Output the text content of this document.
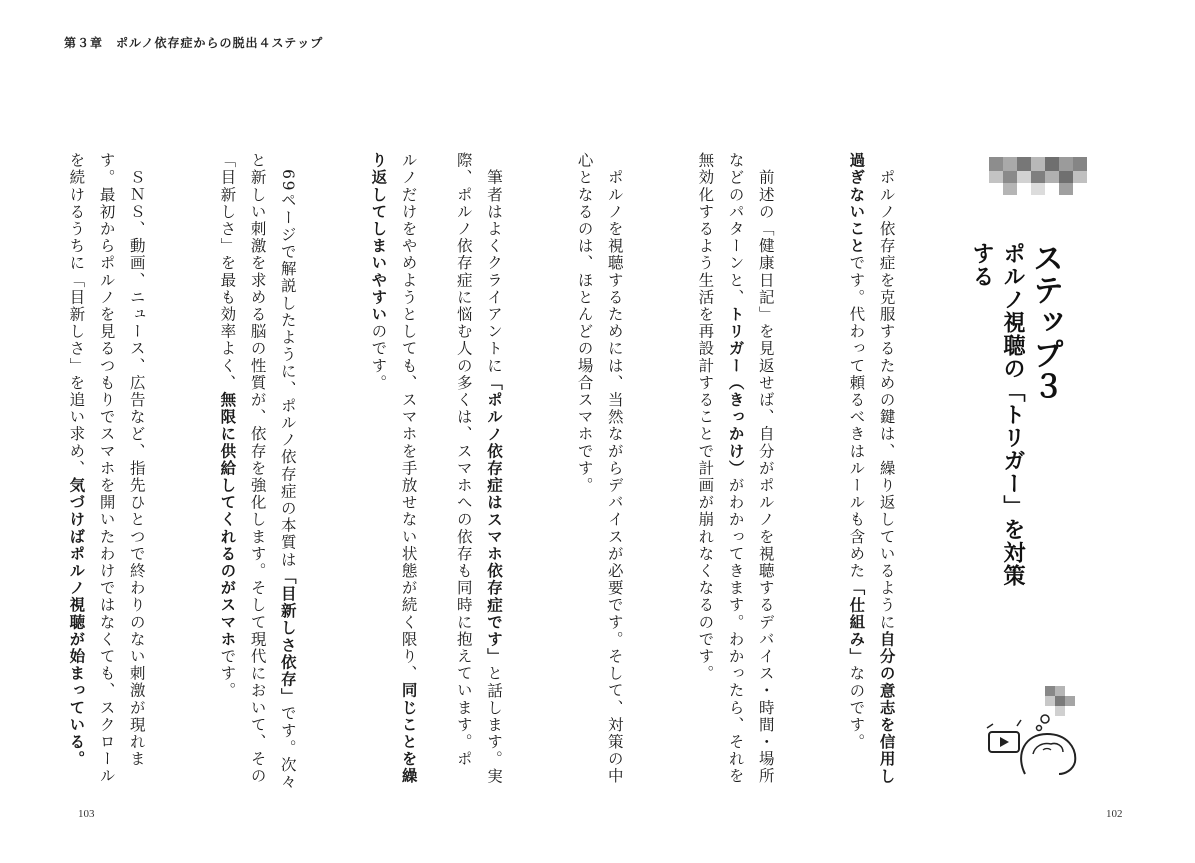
第３章　ポルノ依存症からの脱出４ステップ
ステップ３
ポルノ視聴の「トリガー」を対策する

　ポルノ依存症を克服するための鍵は、繰り返しているように自分の意志を信用し過ぎないことです。代わって頼るべきはルールも含めた「仕組み」なのです。

　前述の「健康日記」を見返せば、自分がポルノを視聴するデバイス・時間・場所などのパターンと、トリガー（きっかけ）がわかってきます。わかったら、それを無効化するよう生活を再設計することで計画が崩れなくなるのです。

　ポルノを視聴するためには、当然ながらデバイスが必要です。そして、対策の中心となるのは、ほとんどの場合スマホです。

　筆者はよくクライアントに「ポルノ依存症はスマホ依存症です」と話します。実際、ポルノ依存症に悩む人の多くは、スマホへの依存も同時に抱えています。ポ

ルノだけをやめようとしても、スマホを手放せない状態が続く限り、同じことを繰り返してしまいやすいのです。

　69ページで解説したように、ポルノ依存症の本質は「目新しさ依存」です。次々と新しい刺激を求める脳の性質が、依存を強化します。そして現代において、その「目新しさ」を最も効率よく、無限に供給してくれるのがスマホです。

　ＳＮＳ、動画、ニュース、広告など、指先ひとつで終わりのない刺激が現れます。最初からポルノを見るつもりでスマホを開いたわけではなくても、スクロールを続けるうちに「目新しさ」を追い求め、気づけばポルノ視聴が始まっている。

103	102
